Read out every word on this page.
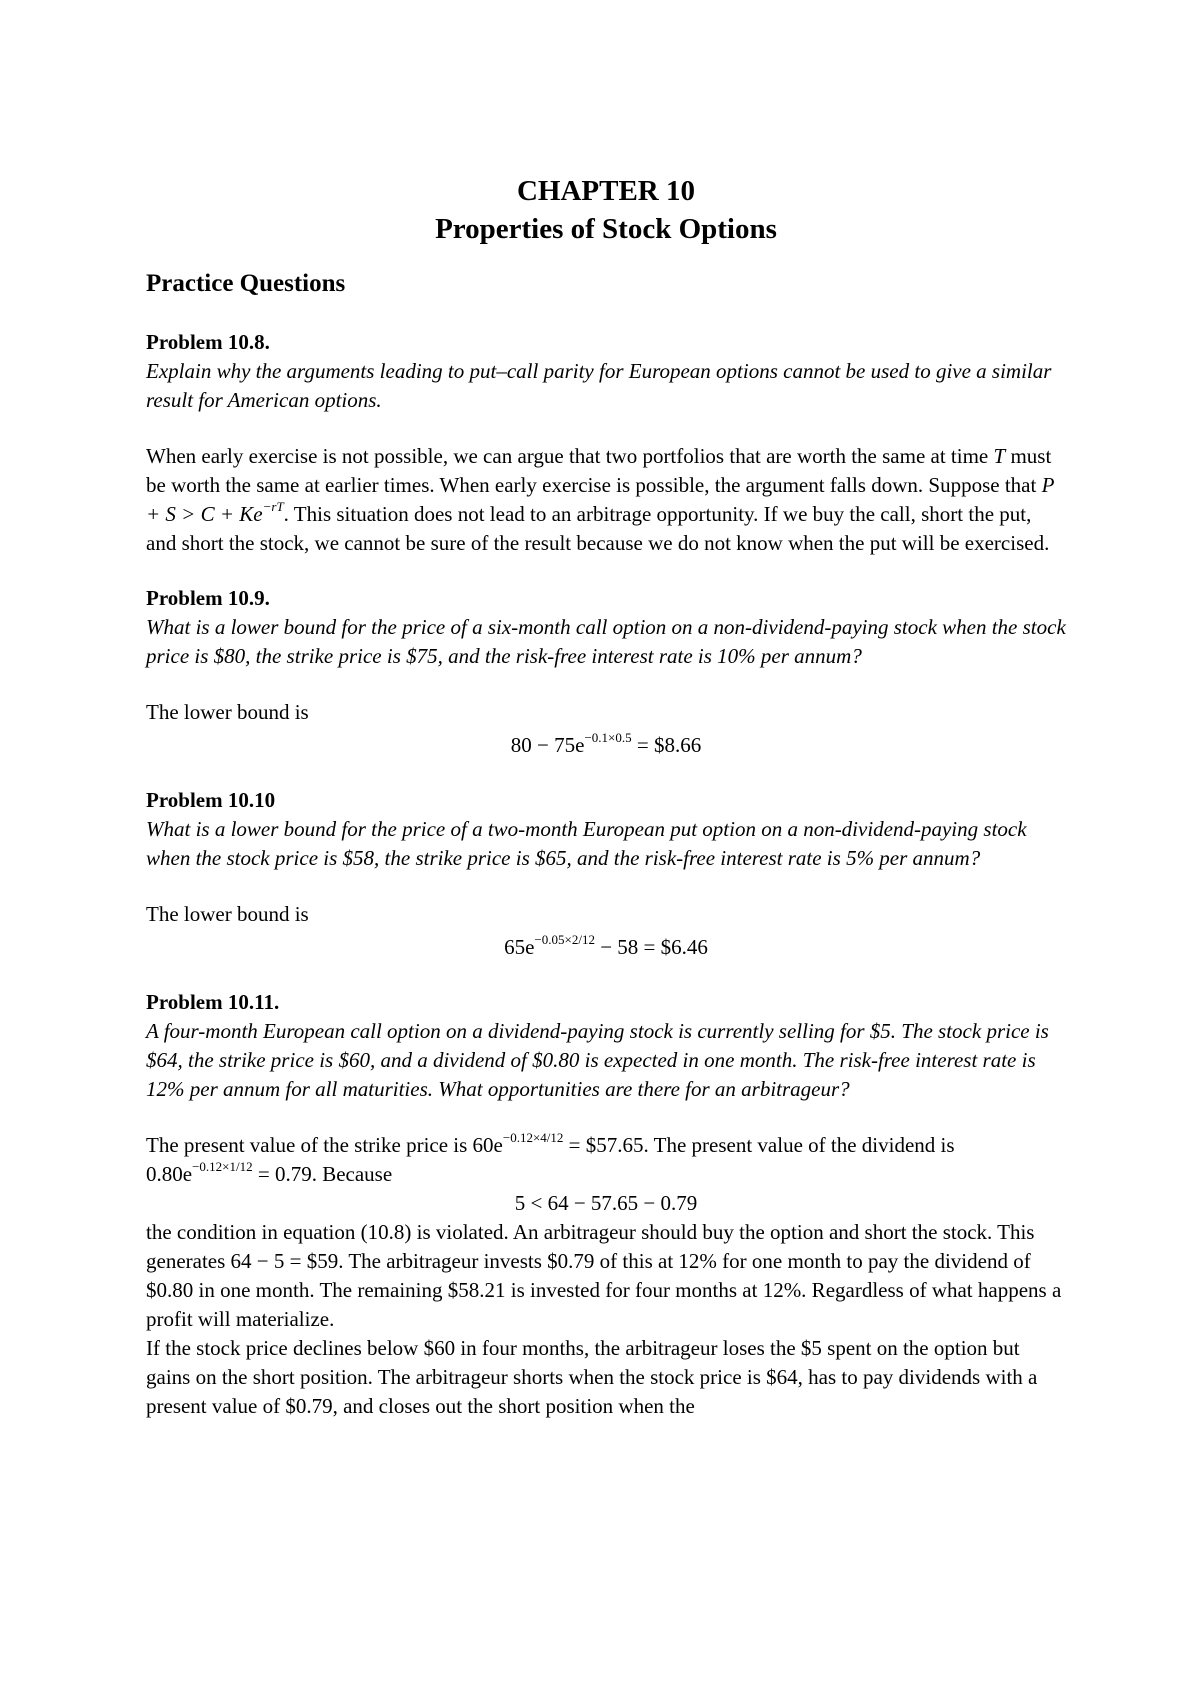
CHAPTER 10
Properties of Stock Options
Practice Questions
Problem 10.8.

Explain why the arguments leading to put–call parity for European options cannot be used to give a similar result for American options.

When early exercise is not possible, we can argue that two portfolios that are worth the same at time T must be worth the same at earlier times. When early exercise is possible, the argument falls down. Suppose that $P + S > C + Ke^{-rT}$. This situation does not lead to an arbitrage opportunity. If we buy the call, short the put, and short the stock, we cannot be sure of the result because we do not know when the put will be exercised.

Problem 10.9.

What is a lower bound for the price of a six-month call option on a non-dividend-paying stock when the stock price is $80, the strike price is $75, and the risk-free interest rate is 10% per annum?

The lower bound is

$80 - 75e^{-0.1\times 0.5}$ = $8.66
Problem 10.10

What is a lower bound for the price of a two-month European put option on a non-dividend-paying stock when the stock price is $58, the strike price is $65, and the risk-free interest rate is 5% per annum?

The lower bound is

$65e^{-0.05\times 2/12} - 58$ = $6.46
Problem 10.11.

A four-month European call option on a dividend-paying stock is currently selling for $5. The stock price is $64, the strike price is $60, and a dividend of $0.80 is expected in one month. The risk-free interest rate is 12% per annum for all maturities. What opportunities are there for an arbitrageur?

The present value of the strike price is $60e^{-0.12\times 4/12}$ = $57.65. The present value of the dividend is $0.80e^{-0.12\times 1/12} = 0.79$. Because

5 < 64 − 57.65 − 0.79

the condition in equation (10.8) is violated. An arbitrageur should buy the option and short the stock. This generates 64 − 5 = $59. The arbitrageur invests $0.79 of this at 12% for one month to pay the dividend of $0.80 in one month. The remaining $58.21 is invested for four months at 12%. Regardless of what happens a profit will materialize.

If the stock price declines below $60 in four months, the arbitrageur loses the $5 spent on the option but gains on the short position. The arbitrageur shorts when the stock price is $64, has to pay dividends with a present value of $0.79, and closes out the short position when the
